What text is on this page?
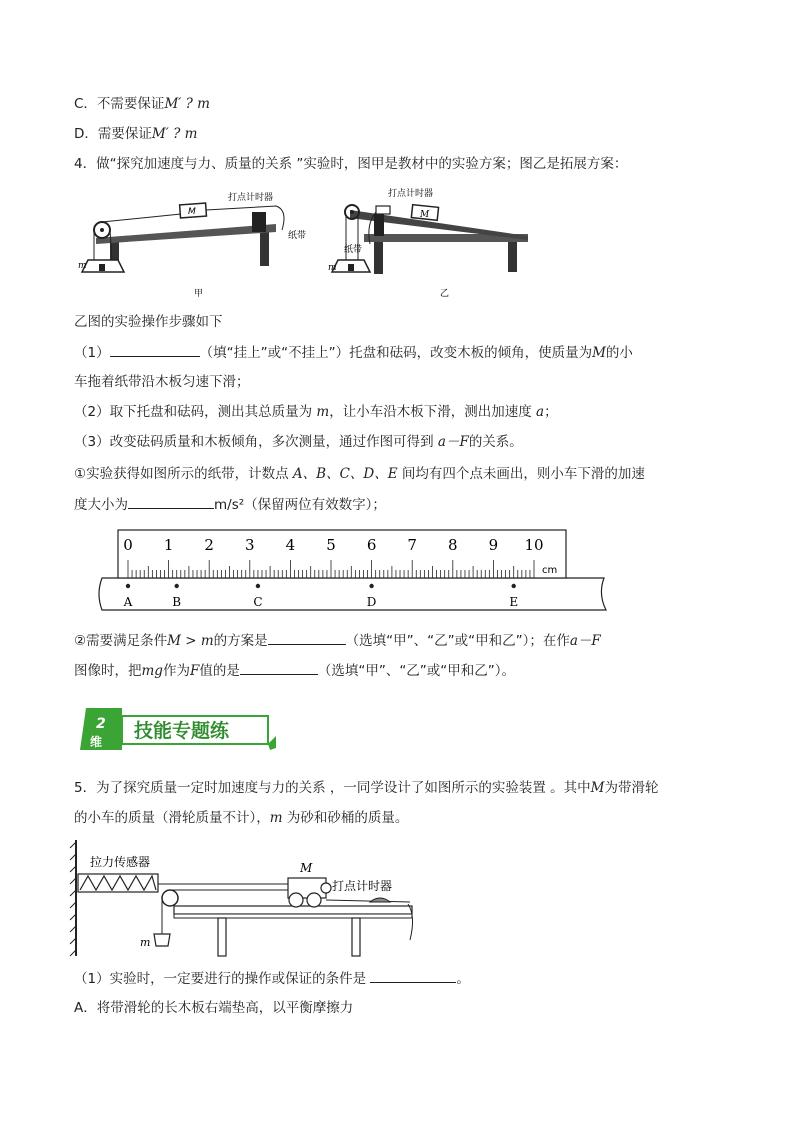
C．不需要保证M′ ? m
D．需要保证M′ ? m
4．做“探究加速度与力、质量的关系 ”实验时，图甲是教材中的实验方案；图乙是拓展方案：
M
打点计时器
纸带
m
甲
M
打点计时器
纸带
m
乙
乙图的实验操作步骤如下
（1）	（填“挂上”或“不挂上”）托盘和砝码，改变木板的倾角，使质量为M的小
车拖着纸带沿木板匀速下滑；
（2）取下托盘和砝码，测出其总质量为 m，让小车沿木板下滑，测出加速度 a；
（3）改变砝码质量和木板倾角，多次测量，通过作图可得到 a－F的关系。
①实验获得如图所示的纸带，计数点 A、B、C、D、E 间均有四个点未画出，则小车下滑的加速
度大小为	m/s²（保留两位有效数字）；
0 1 2 3 4 5 6 7 8 9 10
A	B	C	D	E
cm
②需要满足条件M > m的方案是	（选填“甲”、“乙”或“甲和乙”）；在作a－F
图像时，把mg作为F值的是	（选填“甲”、“乙”或“甲和乙”）。
2
维 技能专题练
5．为了探究质量一定时加速度与力的关系 ，一同学设计了如图所示的实验装置 。其中M为带滑轮
的小车的质量（滑轮质量不计），m 为砂和砂桶的质量。
拉力传感器
m
M
打点计时器
（1）实验时，一定要进行的操作或保证的条件是	。
A．将带滑轮的长木板右端垫高，以平衡摩擦力
